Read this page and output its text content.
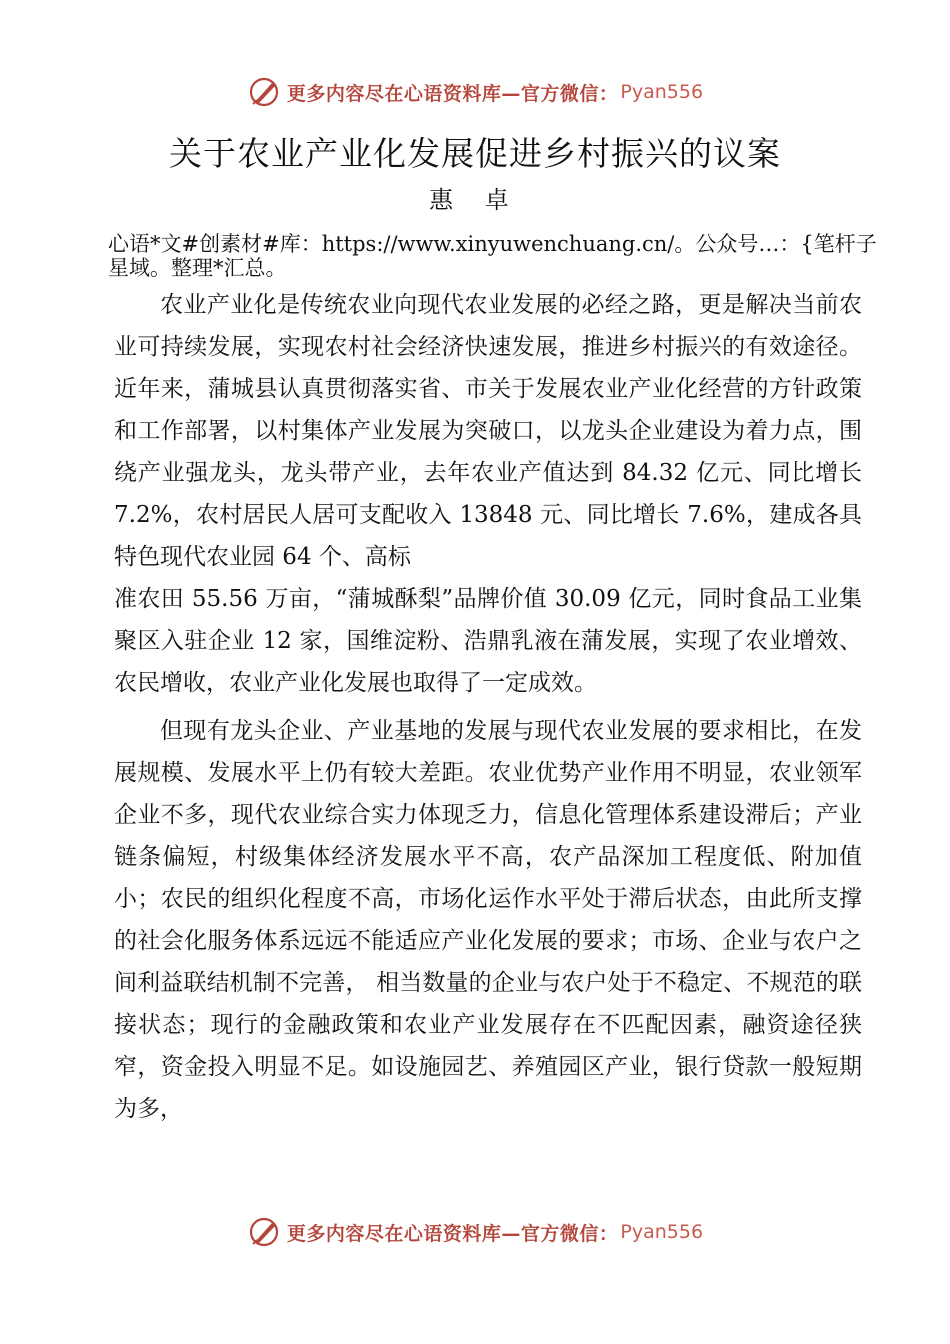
更多内容尽在心语资料库—官方微信： Pyan556
关于农业产业化发展促进乡村振兴的议案
惠 卓
心语*文#创素材#库：https://www.xinyuwenchuang.cn/。公众号…：{笔杆子星域。整理*汇总。

农业产业化是传统农业向现代农业发展的必经之路，更是解决当前农业可持续发展，实现农村社会经济快速发展，推进乡村振兴的有效途径。近年来，蒲城县认真贯彻落实省、市关于发展农业产业化经营的方针政策和工作部署，以村集体产业发展为突破口，以龙头企业建设为着力点，围绕产业强龙头，龙头带产业，去年农业产值达到 84.32 亿元、同比增长 7.2%，农村居民人居可支配收入 13848 元、同比增长 7.6%，建成各具特色现代农业园 64 个、高标

准农田 55.56 万亩，“蒲城酥梨”品牌价值 30.09 亿元，同时食品工业集聚区入驻企业 12 家，国维淀粉、浩鼎乳液在蒲发展，实现了农业增效、农民增收，农业产业化发展也取得了一定成效。

但现有龙头企业、产业基地的发展与现代农业发展的要求相比，在发展规模、发展水平上仍有较大差距。农业优势产业作用不明显，农业领军企业不多，现代农业综合实力体现乏力，信息化管理体系建设滞后；产业链条偏短，村级集体经济发展水平不高，农产品深加工程度低、附加值小；农民的组织化程度不高，市场化运作水平处于滞后状态，由此所支撑的社会化服务体系远远不能适应产业化发展的要求；市场、企业与农户之间利益联结机制不完善， 相当数量的企业与农户处于不稳定、不规范的联接状态；现行的金融政策和农业产业发展存在不匹配因素，融资途径狭窄，资金投入明显不足。如设施园艺、养殖园区产业，银行贷款一般短期为多，

更多内容尽在心语资料库—官方微信： Pyan556
